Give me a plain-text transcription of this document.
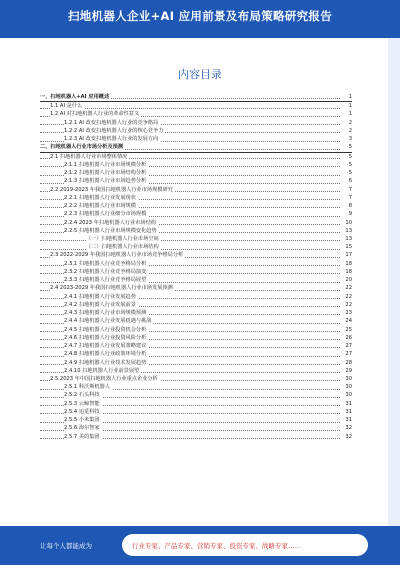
扫地机器人企业+AI 应用前景及布局策略研究报告
内容目录
一、扫地机器人+AI 应用概述	1
1.1 AI 是什么	1
1.2 AI 对扫地机器人行业的革命性意义	1
1.2.1 AI 改变扫地机器人行业的竞争格局	2
1.2.2 AI 改变扫地机器人行业的核心竞争力	2
1.2.3 AI 改变扫地机器人行业的发展方向	3
二、扫地机器人行业市场分析及预测	5
2.1 扫地机器人行业市场整体情况	5
2.1.1 扫地机器人行业市场规模分析	5
2.1.2 扫地机器人行业市场结构分析	5
2.1.3 扫地机器人行业市场趋势分析	6
2.2 2019-2023 年我国扫地机器人行业市场规模研究	7
2.2.1 扫地机器人行业发展现状	7
2.2.2 扫地机器人行业市场规模	8
2.2.3 扫地机器人行业细分市场规模	9
2.2.4 2023 年扫地机器人行业市场结构	10
2.2.5 扫地机器人行业市场规模变化趋势	13
（一）扫地机器人行业市场空间	13
（二）扫地机器人行业市场结构	15
2.3 2022-2029 年我国扫地机器人行业市场竞争格局分析	17
2.3.1 扫地机器人行业竞争格局分析	18
2.3.2 扫地机器人行业竞争格局演变	18
2.3.3 扫地机器人行业竞争格局展望	20
2.4 2023-2029 年我国扫地机器人行业市场发展预测	22
2.4.1 扫地机器人行业发展趋势	22
2.4.2 扫地机器人行业发展前景	22
2.4.3 扫地机器人行业市场规模预测	23
2.4.4 扫地机器人行业发展机遇与挑战	24
2.4.5 扫地机器人行业投资机会分析	25
2.4.6 扫地机器人行业投资风险分析	26
2.4.7 扫地机器人行业发展策略建议	27
2.4.8 扫地机器人行业政策环境分析	27
2.4.9 扫地机器人行业技术发展趋势	28
2.4.10 扫地机器人行业前景展望	29
2.5 2023 年中国扫地机器人行业重点企业分析	30
2.5.1 科沃斯机器人	30
2.5.2 石头科技	30
2.5.3 云鲸智能	31
2.5.4 追觅科技	31
2.5.5 小米集团	31
2.5.6 海尔智家	32
2.5.7 美的集团	32
让每个人都能成为	行业专家、产品专家、营销专家、投资专家、战略专家……
